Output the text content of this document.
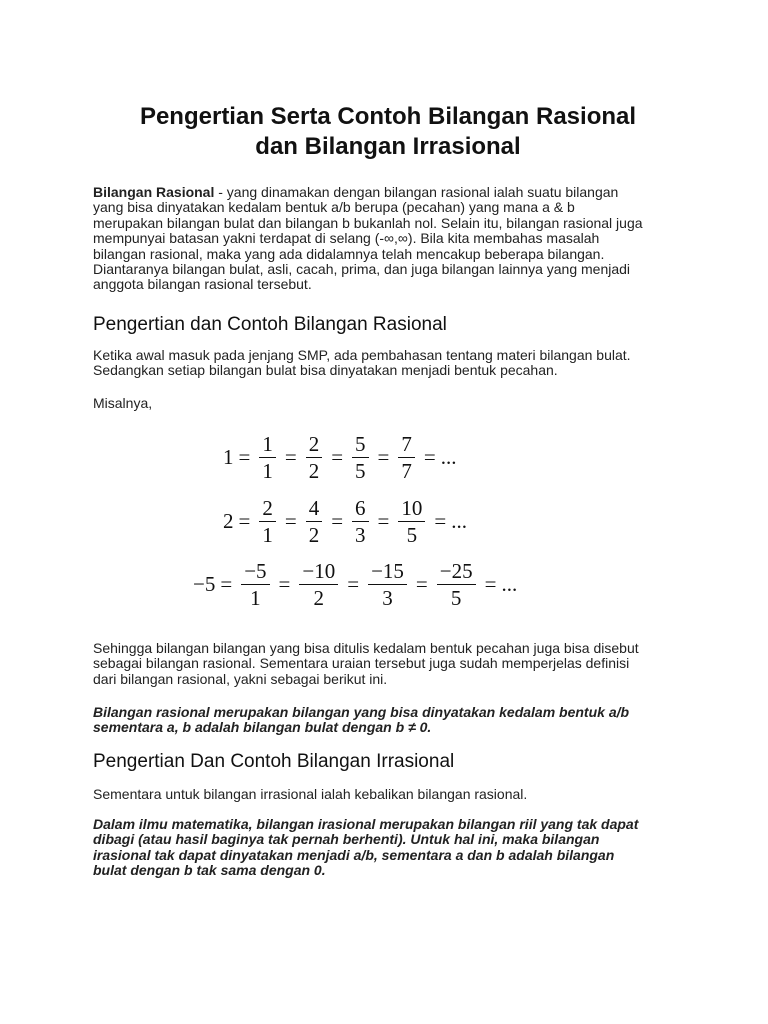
Pengertian Serta Contoh Bilangan Rasional
dan Bilangan Irrasional
Bilangan Rasional - yang dinamakan dengan bilangan rasional ialah suatu bilangan
yang bisa dinyatakan kedalam bentuk a/b berupa (pecahan) yang mana a & b
merupakan bilangan bulat dan bilangan b bukanlah nol. Selain itu, bilangan rasional juga
mempunyai batasan yakni terdapat di selang (-∞,∞). Bila kita membahas masalah
bilangan rasional, maka yang ada didalamnya telah mencakup beberapa bilangan.
Diantaranya bilangan bulat, asli, cacah, prima, dan juga bilangan lainnya yang menjadi
anggota bilangan rasional tersebut.
Pengertian dan Contoh Bilangan Rasional
Ketika awal masuk pada jenjang SMP, ada pembahasan tentang materi bilangan bulat.
Sedangkan setiap bilangan bulat bisa dinyatakan menjadi bentuk pecahan.
Misalnya,
$1 = \frac{1}{1} = \frac{2}{2} = \frac{5}{5} = \frac{7}{7}$ = ...
$2 = \frac{2}{1} = \frac{4}{2} = \frac{6}{3} = \frac{10}{5}$ = ...
$-5 = \frac{-5}{1} = \frac{-10}{2} = \frac{-15}{3} = \frac{-25}{5}$ = ...
Sehingga bilangan bilangan yang bisa ditulis kedalam bentuk pecahan juga bisa disebut
sebagai bilangan rasional. Sementara uraian tersebut juga sudah memperjelas definisi
dari bilangan rasional, yakni sebagai berikut ini.
Bilangan rasional merupakan bilangan yang bisa dinyatakan kedalam bentuk a/b
sementara a, b adalah bilangan bulat dengan b ≠ 0.
Pengertian Dan Contoh Bilangan Irrasional
Sementara untuk bilangan irrasional ialah kebalikan bilangan rasional.
Dalam ilmu matematika, bilangan irasional merupakan bilangan riil yang tak dapat
dibagi (atau hasil baginya tak pernah berhenti). Untuk hal ini, maka bilangan
irasional tak dapat dinyatakan menjadi a/b, sementara a dan b adalah bilangan
bulat dengan b tak sama dengan 0.
